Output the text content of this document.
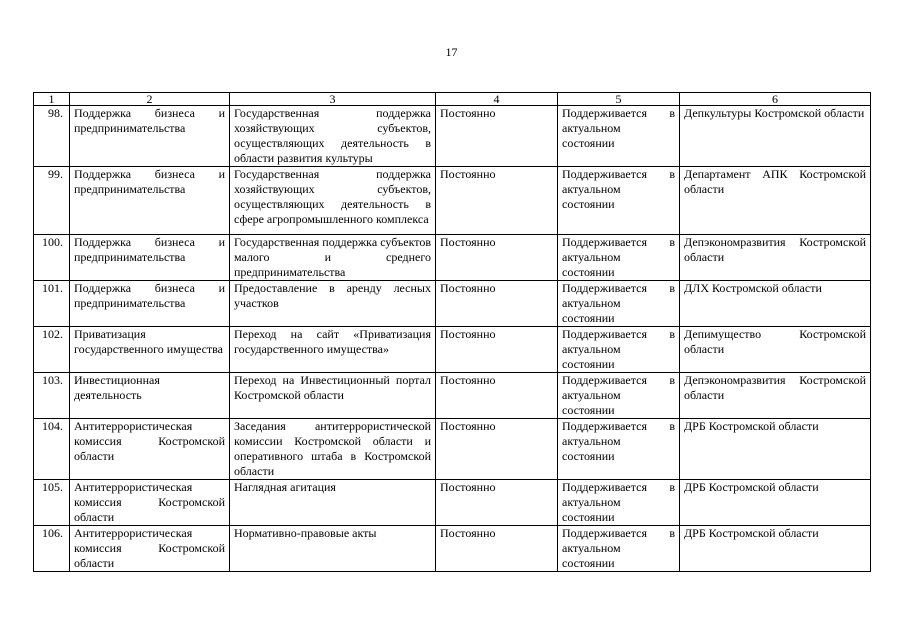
17
1	2	3	4	5	6
98.	Поддержка бизнеса и предпринимательства	Государственная поддержка хозяйствующих субъектов, осуществляющих деятельность в области развития культуры	Постоянно	Поддерживается в актуальном состоянии	Депкультуры Костромской области
99.	Поддержка бизнеса и предпринимательства	Государственная поддержка хозяйствующих субъектов, осуществляющих деятельность в сфере агропромышленного комплекса	Постоянно	Поддерживается в актуальном состоянии	Департамент АПК Костромской области
100.	Поддержка бизнеса и предпринимательства	Государственная поддержка субъектов малого и среднего предпринимательства	Постоянно	Поддерживается в актуальном состоянии	Депэкономразвития Костромской области
101.	Поддержка бизнеса и предпринимательства	Предоставление в аренду лесных участков	Постоянно	Поддерживается в актуальном состоянии	ДЛХ Костромской области
102.	Приватизация государственного имущества	Переход на сайт «Приватизация государственного имущества»	Постоянно	Поддерживается в актуальном состоянии	Депимущество Костромской области
103.	Инвестиционная деятельность	Переход на Инвестиционный портал Костромской области	Постоянно	Поддерживается в актуальном состоянии	Депэкономразвития Костромской области
104.	Антитеррористическая комиссия Костромской области	Заседания антитеррористической комиссии Костромской области и оперативного штаба в Костромской области	Постоянно	Поддерживается в актуальном состоянии	ДРБ Костромской области
105.	Антитеррористическая комиссия Костромской области	Наглядная агитация	Постоянно	Поддерживается в актуальном состоянии	ДРБ Костромской области
106.	Антитеррористическая комиссия Костромской области	Нормативно-правовые акты	Постоянно	Поддерживается в актуальном состоянии	ДРБ Костромской области
